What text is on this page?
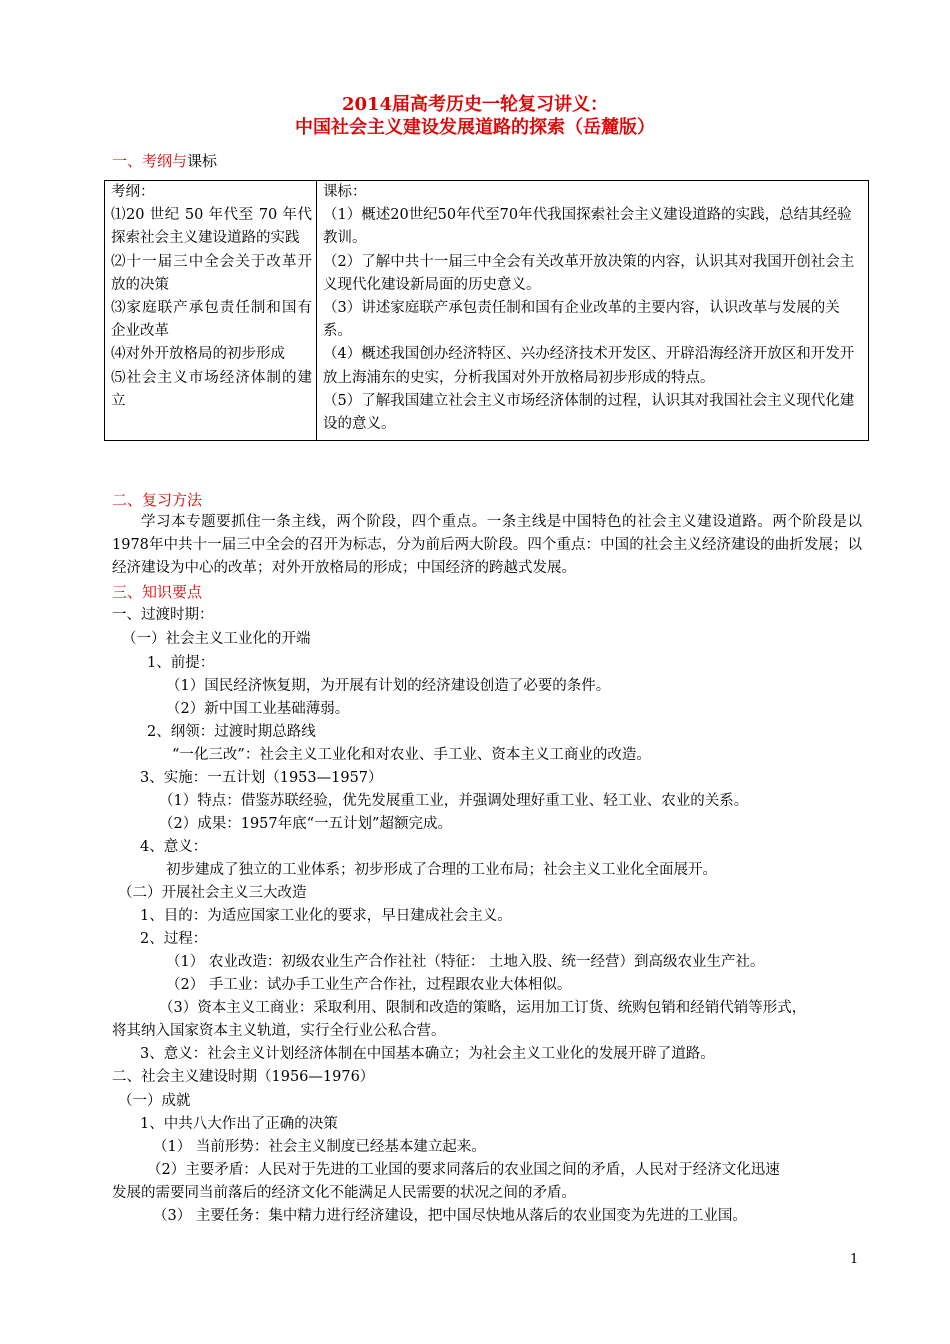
2014届高考历史一轮复习讲义：
中国社会主义建设发展道路的探索（岳麓版）
一、考纲与课标
考纲：
⑴20 世纪 50 年代至 70 年代探索社会主义建设道路的实践
⑵十一届三中全会关于改革开放的决策
⑶家庭联产承包责任制和国有企业改革
⑷对外开放格局的初步形成
⑸社会主义市场经济体制的建立

课标：
（1）概述20世纪50年代至70年代我国探索社会主义建设道路的实践，总结其经验教训。
（2）了解中共十一届三中全会有关改革开放决策的内容，认识其对我国开创社会主义现代化建设新局面的历史意义。
（3）讲述家庭联产承包责任制和国有企业改革的主要内容，认识改革与发展的关系。
（4）概述我国创办经济特区、兴办经济技术开发区、开辟沿海经济开放区和开发开放上海浦东的史实，分析我国对外开放格局初步形成的特点。
（5）了解我国建立社会主义市场经济体制的过程，认识其对我国社会主义现代化建设的意义。
二、复习方法
学习本专题要抓住一条主线，两个阶段，四个重点。一条主线是中国特色的社会主义建设道路。两个阶段是以1978年中共十一届三中全会的召开为标志，分为前后两大阶段。四个重点：中国的社会主义经济建设的曲折发展；以经济建设为中心的改革；对外开放格局的形成；中国经济的跨越式发展。
三、知识要点
一、过渡时期：
（一）社会主义工业化的开端
1、前提：
（1）国民经济恢复期，为开展有计划的经济建设创造了必要的条件。
（2）新中国工业基础薄弱。
2、纲领：过渡时期总路线
“一化三改”：社会主义工业化和对农业、手工业、资本主义工商业的改造。
3、实施：一五计划（1953—1957）
（1）特点：借鉴苏联经验，优先发展重工业，并强调处理好重工业、轻工业、农业的关系。
（2）成果：1957年底“一五计划”超额完成。
4、意义：
初步建成了独立的工业体系；初步形成了合理的工业布局；社会主义工业化全面展开。
（二）开展社会主义三大改造
1、目的：为适应国家工业化的要求，早日建成社会主义。
2、过程：
（1） 农业改造：初级农业生产合作社社（特征： 土地入股、统一经营）到高级农业生产社。
（2） 手工业：试办手工业生产合作社，过程跟农业大体相似。
（3）资本主义工商业：采取利用、限制和改造的策略，运用加工订货、统购包销和经销代销等形式，
将其纳入国家资本主义轨道，实行全行业公私合营。
3、意义：社会主义计划经济体制在中国基本确立；为社会主义工业化的发展开辟了道路。
二、社会主义建设时期（1956—1976）
（一）成就
1、中共八大作出了正确的决策
（1） 当前形势：社会主义制度已经基本建立起来。
（2）主要矛盾：人民对于先进的工业国的要求同落后的农业国之间的矛盾，人民对于经济文化迅速
发展的需要同当前落后的经济文化不能满足人民需要的状况之间的矛盾。
（3） 主要任务：集中精力进行经济建设，把中国尽快地从落后的农业国变为先进的工业国。
1
